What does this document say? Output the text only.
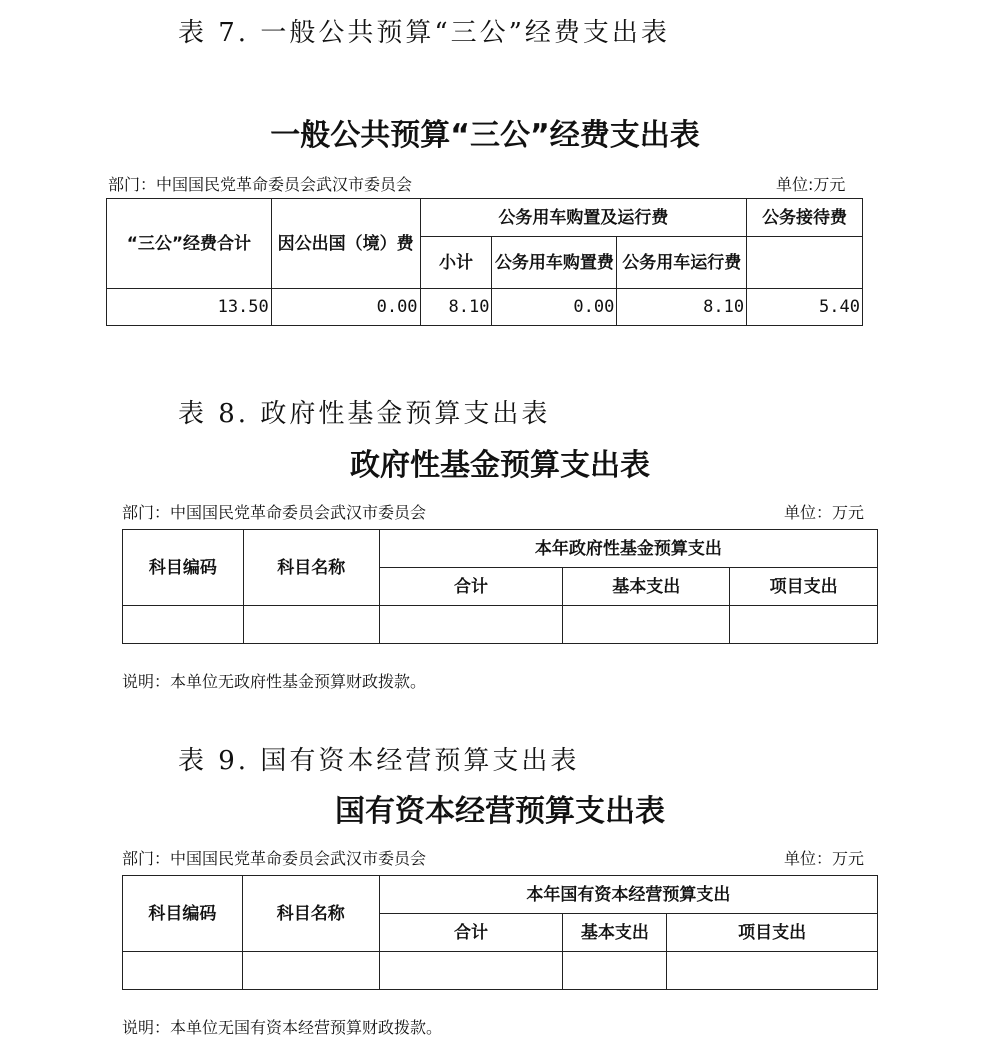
表 7. 一般公共预算“三公”经费支出表
一般公共预算“三公”经费支出表
部门：中国国民党革命委员会武汉市委员会	单位:万元
“三公”经费合计	因公出国（境）费	公务用车购置及运行费			公务接待费
		小计	公务用车购置费	公务用车运行费	
13.50	0.00	8.10	0.00	8.10	5.40
表 8. 政府性基金预算支出表
政府性基金预算支出表
部门：中国国民党革命委员会武汉市委员会	单位：万元
科目编码	科目名称	本年政府性基金预算支出		
		合计	基本支出	项目支出

说明：本单位无政府性基金预算财政拨款。
表 9. 国有资本经营预算支出表
国有资本经营预算支出表
部门：中国国民党革命委员会武汉市委员会	单位：万元
科目编码	科目名称	本年国有资本经营预算支出		
		合计	基本支出	项目支出

说明：本单位无国有资本经营预算财政拨款。
